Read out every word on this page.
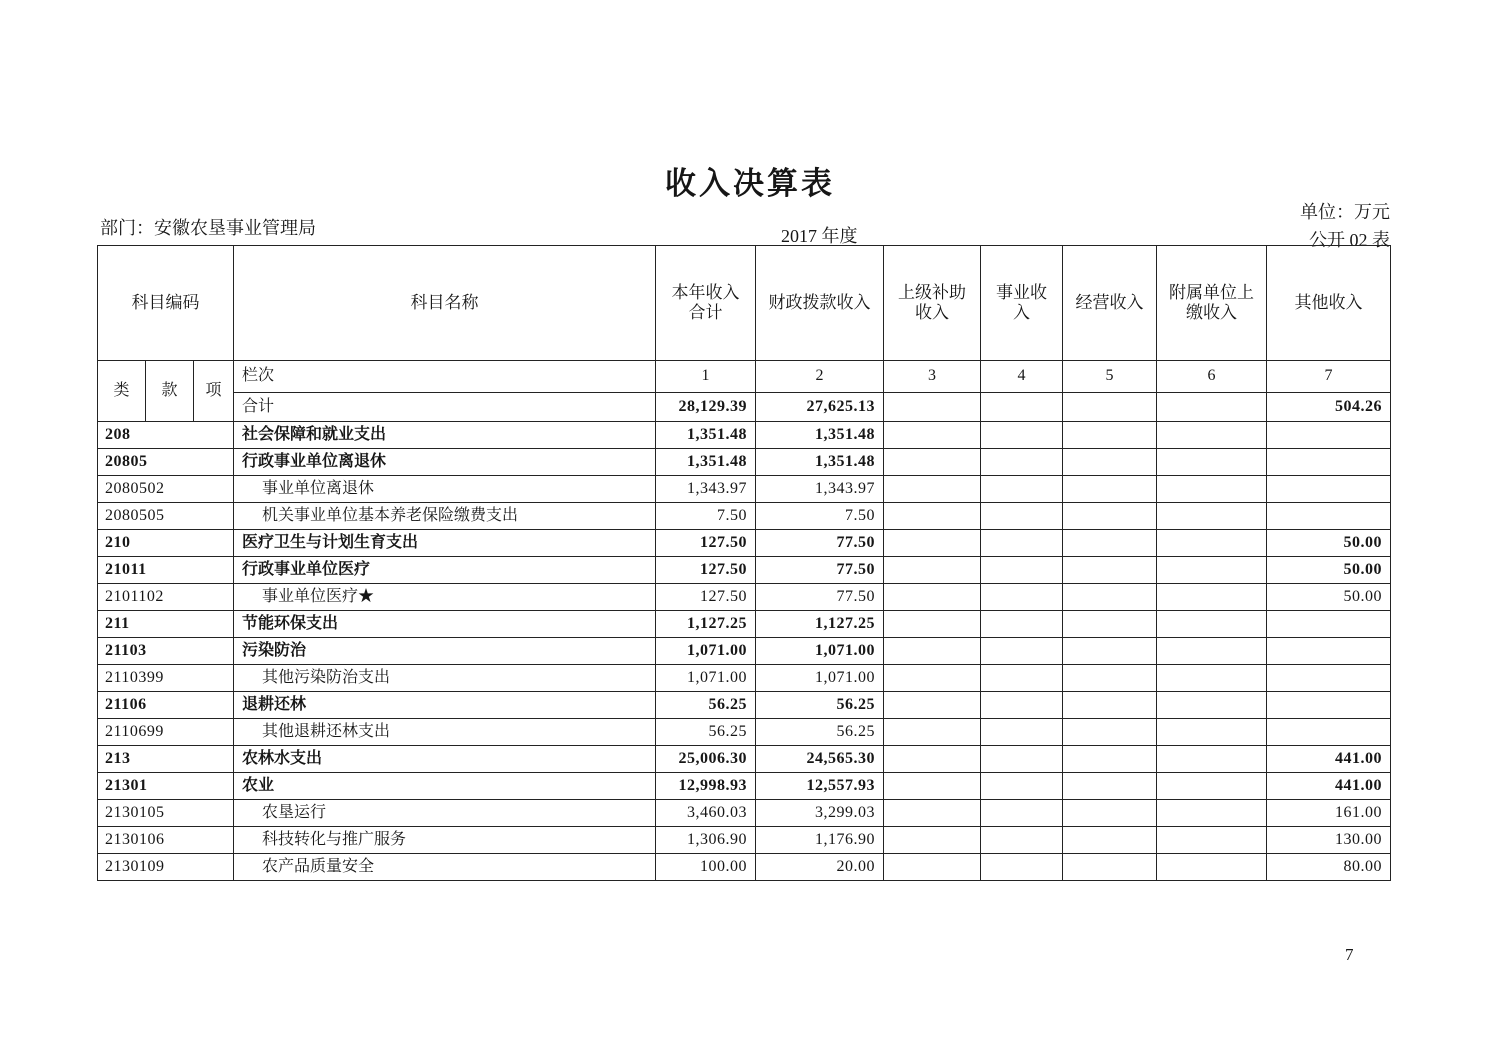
收入决算表
部门：安徽农垦事业管理局	2017 年度
单位：万元
公开 02 表
科目编码			科目名称	本年收入合计	财政拨款收入	上级补助收入	事业收入	经营收入	附属单位上缴收入	其他收入
类	款	项	栏次	1	2	3	4	5	6	7
			合计	28,129.39	27,625.13					504.26
208			社会保障和就业支出	1,351.48	1,351.48					
20805			行政事业单位离退休	1,351.48	1,351.48					
2080502			事业单位离退休	1,343.97	1,343.97					
2080505			机关事业单位基本养老保险缴费支出	7.50	7.50					
210			医疗卫生与计划生育支出	127.50	77.50					50.00
21011			行政事业单位医疗	127.50	77.50					50.00
2101102			事业单位医疗★	127.50	77.50					50.00
211			节能环保支出	1,127.25	1,127.25					
21103			污染防治	1,071.00	1,071.00					
2110399			其他污染防治支出	1,071.00	1,071.00					
21106			退耕还林	56.25	56.25					
2110699			其他退耕还林支出	56.25	56.25					
213			农林水支出	25,006.30	24,565.30					441.00
21301			农业	12,998.93	12,557.93					441.00
2130105			农垦运行	3,460.03	3,299.03					161.00
2130106			科技转化与推广服务	1,306.90	1,176.90					130.00
2130109			农产品质量安全	100.00	20.00					80.00
7
